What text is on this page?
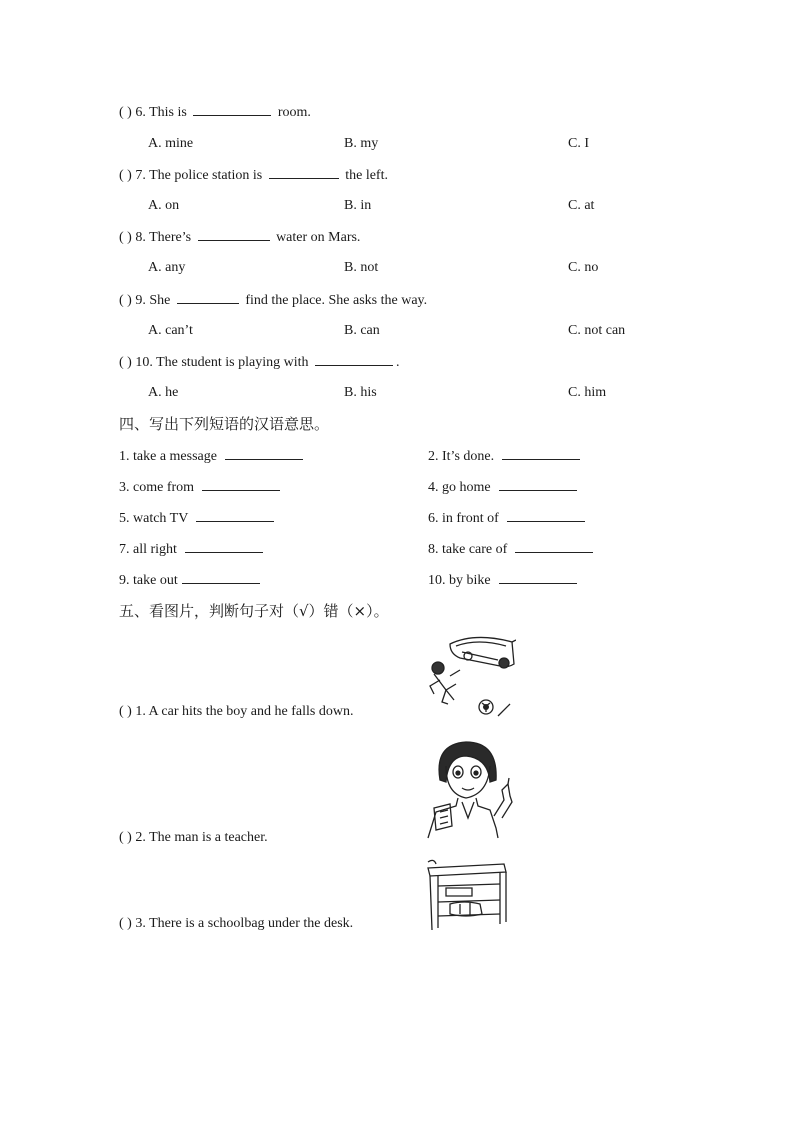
( ) 6. This is	room.
A. mine	B. my	C. I
( ) 7. The police station is	the left.
A. on	B. in	C. at
( ) 8. There’s	water on Mars.
A. any	B. not	C. no
( ) 9. She	find the place. She asks the way.
A. can’t	B. can	C. not can
( ) 10. The student is playing with	.
A. he	B. his	C. him
四、写出下列短语的汉语意思。
1. take a message	2. It’s done.
3. come from	4. go home
5. watch TV	6. in front of
7. all right	8. take care of
9. take out	10. by bike
五、看图片，判断句子对（√）错（×）。
( ) 1. A car hits the boy and he falls down.
( ) 2. The man is a teacher.
( ) 3. There is a schoolbag under the desk.
